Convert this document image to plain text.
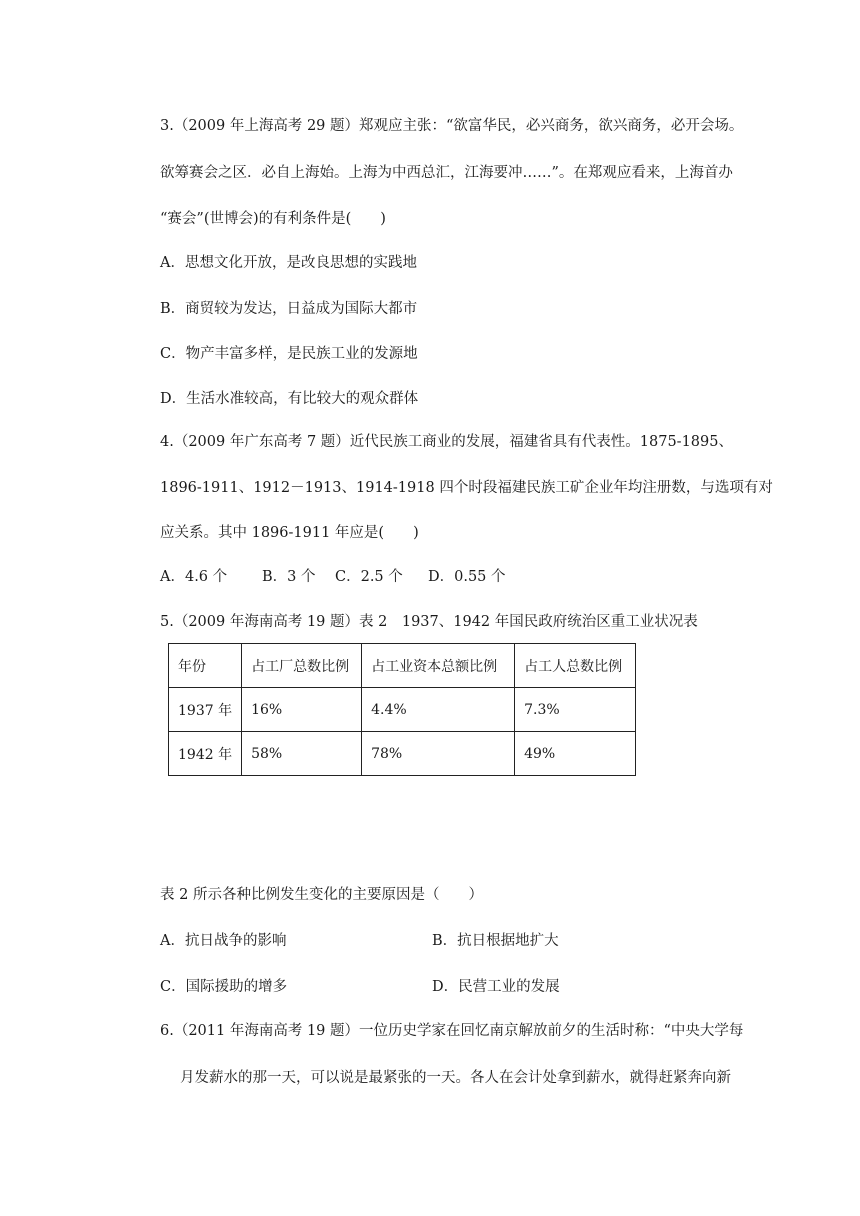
3.（2009 年上海高考 29 题）郑观应主张：“欲富华民，必兴商务，欲兴商务，必开会场。
欲筹赛会之区．必自上海始。上海为中西总汇，江海要冲……”。在郑观应看来，上海首办
“赛会”(世博会)的有利条件是(　　)
A．思想文化开放，是改良思想的实践地
B．商贸较为发达，日益成为国际大都市
C．物产丰富多样，是民族工业的发源地
D．生活水准较高，有比较大的观众群体
4.（2009 年广东高考 7 题）近代民族工商业的发展，福建省具有代表性。1875-1895、
1896-1911、1912－1913、1914-1918 四个时段福建民族工矿企业年均注册数，与选项有对
应关系。其中 1896-1911 年应是(　　)
A．4.6 个 B．3 个 C．2.5 个 D．0.55 个
5.（2009 年海南高考 19 题）表 2　1937、1942 年国民政府统治区重工业状况表
年份	占工厂总数比例	占工业资本总额比例	占工人总数比例
1937 年	16%	4.4%	7.3%
1942 年	58%	78%	49%
表 2 所示各种比例发生变化的主要原因是（　　）
A．抗日战争的影响	B．抗日根据地扩大
C．国际援助的增多	D．民营工业的发展
6.（2011 年海南高考 19 题）一位历史学家在回忆南京解放前夕的生活时称：“中央大学每
月发薪水的那一天，可以说是最紧张的一天。各人在会计处拿到薪水，就得赶紧奔向新
